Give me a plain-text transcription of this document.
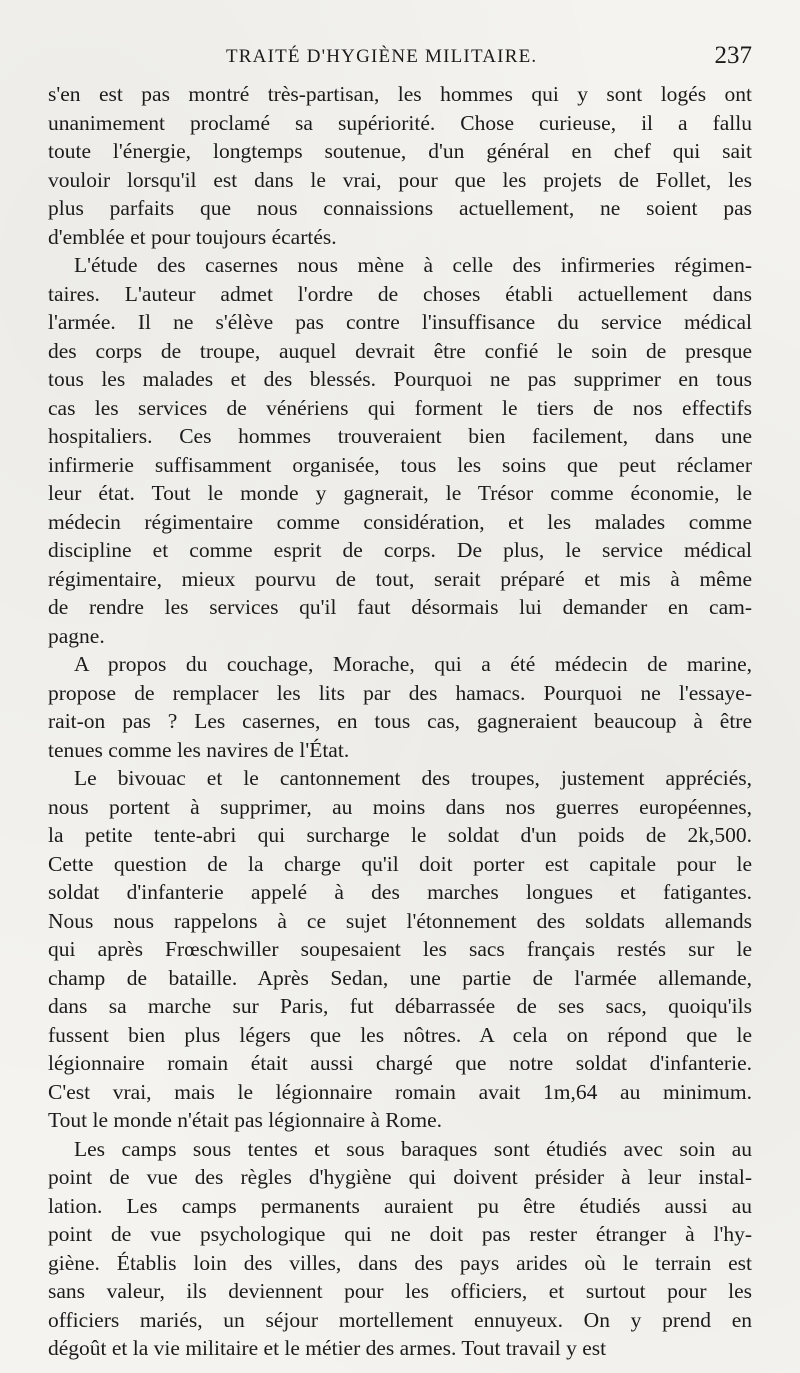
TRAITÉ D'HYGIÈNE MILITAIRE.	237
s'en est pas montré très-partisan, les hommes qui y sont logés ont
unanimement proclamé sa supériorité. Chose curieuse, il a fallu
toute l'énergie, longtemps soutenue, d'un général en chef qui sait
vouloir lorsqu'il est dans le vrai, pour que les projets de Follet, les
plus parfaits que nous connaissions actuellement, ne soient pas
d'emblée et pour toujours écartés.
L'étude des casernes nous mène à celle des infirmeries régimen-
taires. L'auteur admet l'ordre de choses établi actuellement dans
l'armée. Il ne s'élève pas contre l'insuffisance du service médical
des corps de troupe, auquel devrait être confié le soin de presque
tous les malades et des blessés. Pourquoi ne pas supprimer en tous
cas les services de vénériens qui forment le tiers de nos effectifs
hospitaliers. Ces hommes trouveraient bien facilement, dans une
infirmerie suffisamment organisée, tous les soins que peut réclamer
leur état. Tout le monde y gagnerait, le Trésor comme économie, le
médecin régimentaire comme considération, et les malades comme
discipline et comme esprit de corps. De plus, le service médical
régimentaire, mieux pourvu de tout, serait préparé et mis à même
de rendre les services qu'il faut désormais lui demander en cam-
pagne.
A propos du couchage, Morache, qui a été médecin de marine,
propose de remplacer les lits par des hamacs. Pourquoi ne l'essaye-
rait-on pas ? Les casernes, en tous cas, gagneraient beaucoup à être
tenues comme les navires de l'État.
Le bivouac et le cantonnement des troupes, justement appréciés,
nous portent à supprimer, au moins dans nos guerres européennes,
la petite tente-abri qui surcharge le soldat d'un poids de 2k,500.
Cette question de la charge qu'il doit porter est capitale pour le
soldat d'infanterie appelé à des marches longues et fatigantes.
Nous nous rappelons à ce sujet l'étonnement des soldats allemands
qui après Frœschwiller soupesaient les sacs français restés sur le
champ de bataille. Après Sedan, une partie de l'armée allemande,
dans sa marche sur Paris, fut débarrassée de ses sacs, quoiqu'ils
fussent bien plus légers que les nôtres. A cela on répond que le
légionnaire romain était aussi chargé que notre soldat d'infanterie.
C'est vrai, mais le légionnaire romain avait 1m,64 au minimum.
Tout le monde n'était pas légionnaire à Rome.
Les camps sous tentes et sous baraques sont étudiés avec soin au
point de vue des règles d'hygiène qui doivent présider à leur instal-
lation. Les camps permanents auraient pu être étudiés aussi au
point de vue psychologique qui ne doit pas rester étranger à l'hy-
giène. Établis loin des villes, dans des pays arides où le terrain est
sans valeur, ils deviennent pour les officiers, et surtout pour les
officiers mariés, un séjour mortellement ennuyeux. On y prend en
dégoût et la vie militaire et le métier des armes. Tout travail y est
